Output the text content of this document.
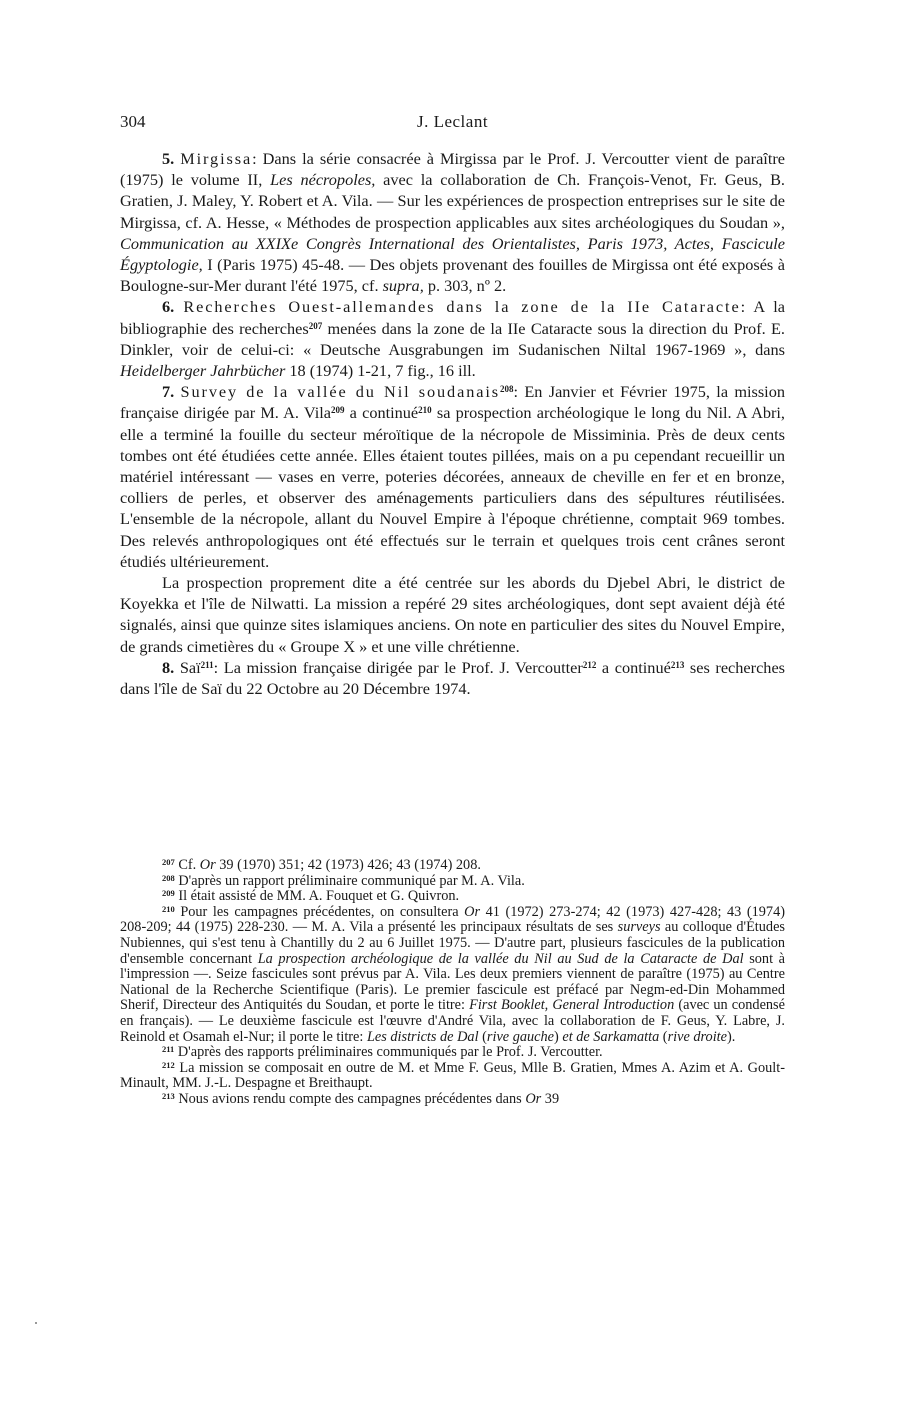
304	J. Leclant

5. Mirgissa: Dans la série consacrée à Mirgissa par le Prof. J. Vercoutter vient de paraître (1975) le volume II, Les nécropoles, avec la collaboration de Ch. François-Venot, Fr. Geus, B. Gratien, J. Maley, Y. Robert et A. Vila. — Sur les expériences de prospection entreprises sur le site de Mirgissa, cf. A. Hesse, « Méthodes de prospection applicables aux sites archéologiques du Soudan », Communication au XXIXe Congrès International des Orientalistes, Paris 1973, Actes, Fascicule Égyptologie, I (Paris 1975) 45-48. — Des objets provenant des fouilles de Mirgissa ont été exposés à Boulogne-sur-Mer durant l'été 1975, cf. supra, p. 303, nº 2.

6. Recherches Ouest-allemandes dans la zone de la IIe Cataracte: A la bibliographie des recherches$^{207}$ menées dans la zone de la IIe Cataracte sous la direction du Prof. E. Dinkler, voir de celui-ci: « Deutsche Ausgrabungen im Sudanischen Niltal 1967-1969 », dans Heidelberger Jahrbücher 18 (1974) 1-21, 7 fig., 16 ill.

7. Survey de la vallée du Nil soudanais$^{208}$: En Janvier et Février 1975, la mission française dirigée par M. A. Vila$^{209}$ a continué$^{210}$ sa prospection archéologique le long du Nil. A Abri, elle a terminé la fouille du secteur méroïtique de la nécropole de Missiminia. Près de deux cents tombes ont été étudiées cette année. Elles étaient toutes pillées, mais on a pu cependant recueillir un matériel intéressant — vases en verre, poteries décorées, anneaux de cheville en fer et en bronze, colliers de perles, et observer des aménagements particuliers dans des sépultures réutilisées. L'ensemble de la nécropole, allant du Nouvel Empire à l'époque chrétienne, comptait 969 tombes. Des relevés anthropologiques ont été effectués sur le terrain et quelques trois cent crânes seront étudiés ultérieurement.

La prospection proprement dite a été centrée sur les abords du Djebel Abri, le district de Koyekka et l'île de Nilwatti. La mission a repéré 29 sites archéologiques, dont sept avaient déjà été signalés, ainsi que quinze sites islamiques anciens. On note en particulier des sites du Nouvel Empire, de grands cimetières du « Groupe X » et une ville chrétienne.

8. Saï$^{211}$: La mission française dirigée par le Prof. J. Vercoutter$^{212}$ a continué$^{213}$ ses recherches dans l'île de Saï du 22 Octobre au 20 Décembre 1974.

$^{207}$ Cf. Or 39 (1970) 351; 42 (1973) 426; 43 (1974) 208.

$^{208}$ D'après un rapport préliminaire communiqué par M. A. Vila.

$^{209}$ Il était assisté de MM. A. Fouquet et G. Quivron.

$^{210}$ Pour les campagnes précédentes, on consultera Or 41 (1972) 273-274; 42 (1973) 427-428; 43 (1974) 208-209; 44 (1975) 228-230. — M. A. Vila a présenté les principaux résultats de ses surveys au colloque d'Études Nubiennes, qui s'est tenu à Chantilly du 2 au 6 Juillet 1975. — D'autre part, plusieurs fascicules de la publication d'ensemble concernant La prospection archéologique de la vallée du Nil au Sud de la Cataracte de Dal sont à l'impression —. Seize fascicules sont prévus par A. Vila. Les deux premiers viennent de paraître (1975) au Centre National de la Recherche Scientifique (Paris). Le premier fascicule est préfacé par Negm-ed-Din Mohammed Sherif, Directeur des Antiquités du Soudan, et porte le titre: First Booklet, General Introduction (avec un condensé en français). — Le deuxième fascicule est l'œuvre d'André Vila, avec la collaboration de F. Geus, Y. Labre, J. Reinold et Osamah el-Nur; il porte le titre: Les districts de Dal (rive gauche) et de Sarkamatta (rive droite).

$^{211}$ D'après des rapports préliminaires communiqués par le Prof. J. Vercoutter.

$^{212}$ La mission se composait en outre de M. et Mme F. Geus, Mlle B. Gratien, Mmes A. Azim et A. Goult-Minault, MM. J.-L. Despagne et Breithaupt.

$^{213}$ Nous avions rendu compte des campagnes précédentes dans Or 39
